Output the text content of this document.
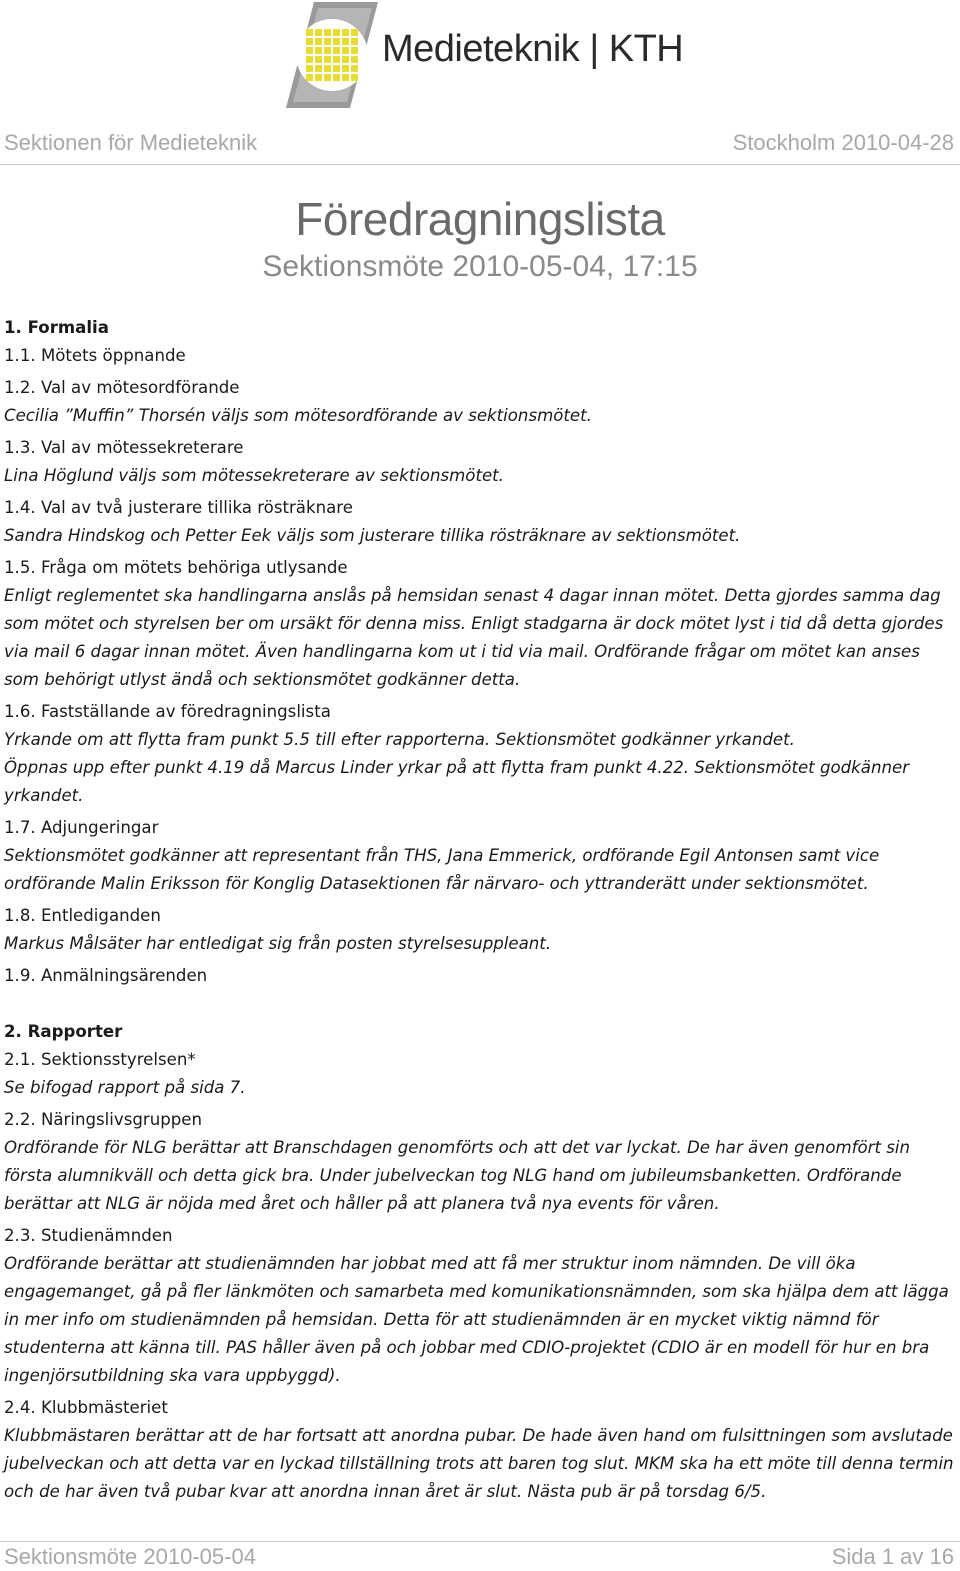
Medieteknik | KTH
Sektionen för Medieteknik	Stockholm 2010-04-28
Föredragningslista
Sektionsmöte 2010-05-04, 17:15

1. Formalia

1.1. Mötets öppnande

1.2. Val av mötesordförande

Cecilia ”Muffin” Thorsén väljs som mötesordförande av sektionsmötet.

1.3. Val av mötessekreterare

Lina Höglund väljs som mötessekreterare av sektionsmötet.

1.4. Val av två justerare tillika rösträknare

Sandra Hindskog och Petter Eek väljs som justerare tillika rösträknare av sektionsmötet.

1.5. Fråga om mötets behöriga utlysande

Enligt reglementet ska handlingarna anslås på hemsidan senast 4 dagar innan mötet. Detta gjordes samma dag som mötet och styrelsen ber om ursäkt för denna miss. Enligt stadgarna är dock mötet lyst i tid då detta gjordes via mail 6 dagar innan mötet. Även handlingarna kom ut i tid via mail. Ordförande frågar om mötet kan anses som behörigt utlyst ändå och sektionsmötet godkänner detta.

1.6. Fastställande av föredragningslista

Yrkande om att flytta fram punkt 5.5 till efter rapporterna. Sektionsmötet godkänner yrkandet.

Öppnas upp efter punkt 4.19 då Marcus Linder yrkar på att flytta fram punkt 4.22. Sektionsmötet godkänner yrkandet.

1.7. Adjungeringar

Sektionsmötet godkänner att representant från THS, Jana Emmerick, ordförande Egil Antonsen samt vice ordförande Malin Eriksson för Konglig Datasektionen får närvaro- och yttranderätt under sektionsmötet.

1.8. Entlediganden

Markus Målsäter har entledigat sig från posten styrelsesuppleant.

1.9. Anmälningsärenden

2. Rapporter

2.1. Sektionsstyrelsen*

Se bifogad rapport på sida 7.

2.2. Näringslivsgruppen

Ordförande för NLG berättar att Branschdagen genomförts och att det var lyckat. De har även genomfört sin första alumnikväll och detta gick bra. Under jubelveckan tog NLG hand om jubileumsbanketten. Ordförande berättar att NLG är nöjda med året och håller på att planera två nya events för våren.

2.3. Studienämnden

Ordförande berättar att studienämnden har jobbat med att få mer struktur inom nämnden. De vill öka engagemanget, gå på fler länkmöten och samarbeta med komunikationsnämnden, som ska hjälpa dem att lägga in mer info om studienämnden på hemsidan. Detta för att studienämnden är en mycket viktig nämnd för studenterna att känna till. PAS håller även på och jobbar med CDIO-projektet (CDIO är en modell för hur en bra ingenjörsutbildning ska vara uppbyggd).

2.4. Klubbmästeriet

Klubbmästaren berättar att de har fortsatt att anordna pubar. De hade även hand om fulsittningen som avslutade jubelveckan och att detta var en lyckad tillställning trots att baren tog slut. MKM ska ha ett möte till denna termin och de har även två pubar kvar att anordna innan året är slut. Nästa pub är på torsdag 6/5.

Sektionsmöte 2010-05-04	Sida 1 av 16
